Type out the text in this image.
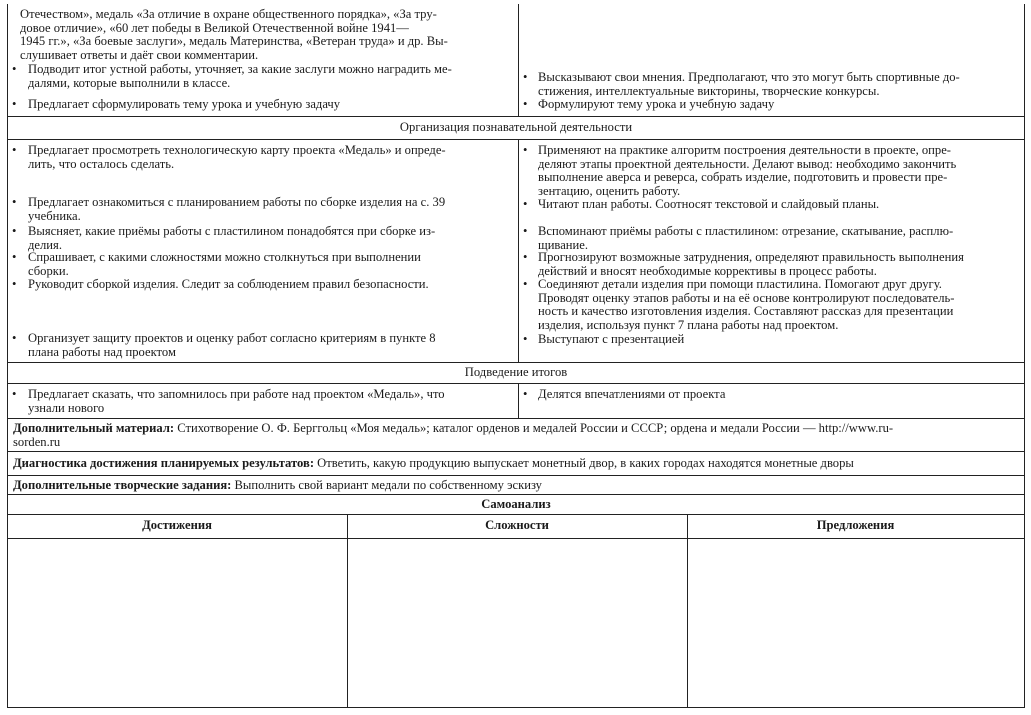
Отечеством», медаль «За отличие в охране общественного порядка», «За тру-
довое отличие», «60 лет победы в Великой Отечественной войне 1941—
1945 гг.», «За боевые заслуги», медаль Материнства, «Ветеран труда» и др. Вы-
слушивает ответы и даёт свои комментарии.
• Подводит итог устной работы, уточняет, за какие заслуги можно наградить ме-
далями, которые выполнили в классе.
• Предлагает сформулировать тему урока и учебную задачу
• Высказывают свои мнения. Предполагают, что это могут быть спортивные до-
стижения, интеллектуальные викторины, творческие конкурсы.
• Формулируют тему урока и учебную задачу
Организация познавательной деятельности
• Предлагает просмотреть технологическую карту проекта «Медаль» и опреде-
лить, что осталось сделать.
• Предлагает ознакомиться с планированием работы по сборке изделия на с. 39
учебника.
• Выясняет, какие приёмы работы с пластилином понадобятся при сборке из-
делия.
• Спрашивает, с какими сложностями можно столкнуться при выполнении
сборки.
• Руководит сборкой изделия. Следит за соблюдением правил безопасности.
• Организует защиту проектов и оценку работ согласно критериям в пункте 8
плана работы над проектом
• Применяют на практике алгоритм построения деятельности в проекте, опре-
деляют этапы проектной деятельности. Делают вывод: необходимо закончить
выполнение аверса и реверса, собрать изделие, подготовить и провести пре-
зентацию, оценить работу.
• Читают план работы. Соотносят текстовой и слайдовый планы.
• Вспоминают приёмы работы с пластилином: отрезание, скатывание, расплю-
щивание.
• Прогнозируют возможные затруднения, определяют правильность выполнения
действий и вносят необходимые коррективы в процесс работы.
• Соединяют детали изделия при помощи пластилина. Помогают друг другу.
Проводят оценку этапов работы и на её основе контролируют последователь-
ность и качество изготовления изделия. Составляют рассказ для презентации
изделия, используя пункт 7 плана работы над проектом.
• Выступают с презентацией
Подведение итогов
• Предлагает сказать, что запомнилось при работе над проектом «Медаль», что
узнали нового
• Делятся впечатлениями от проекта
Дополнительный материал: Стихотворение О. Ф. Берггольц «Моя медаль»; каталог орденов и медалей России и СССР; ордена и медали России — http://www.ru-
sorden.ru
Диагностика достижения планируемых результатов: Ответить, какую продукцию выпускает монетный двор, в каких городах находятся монетные дворы
Дополнительные творческие задания: Выполнить свой вариант медали по собственному эскизу
Самоанализ
Достижения	Сложности	Предложения
